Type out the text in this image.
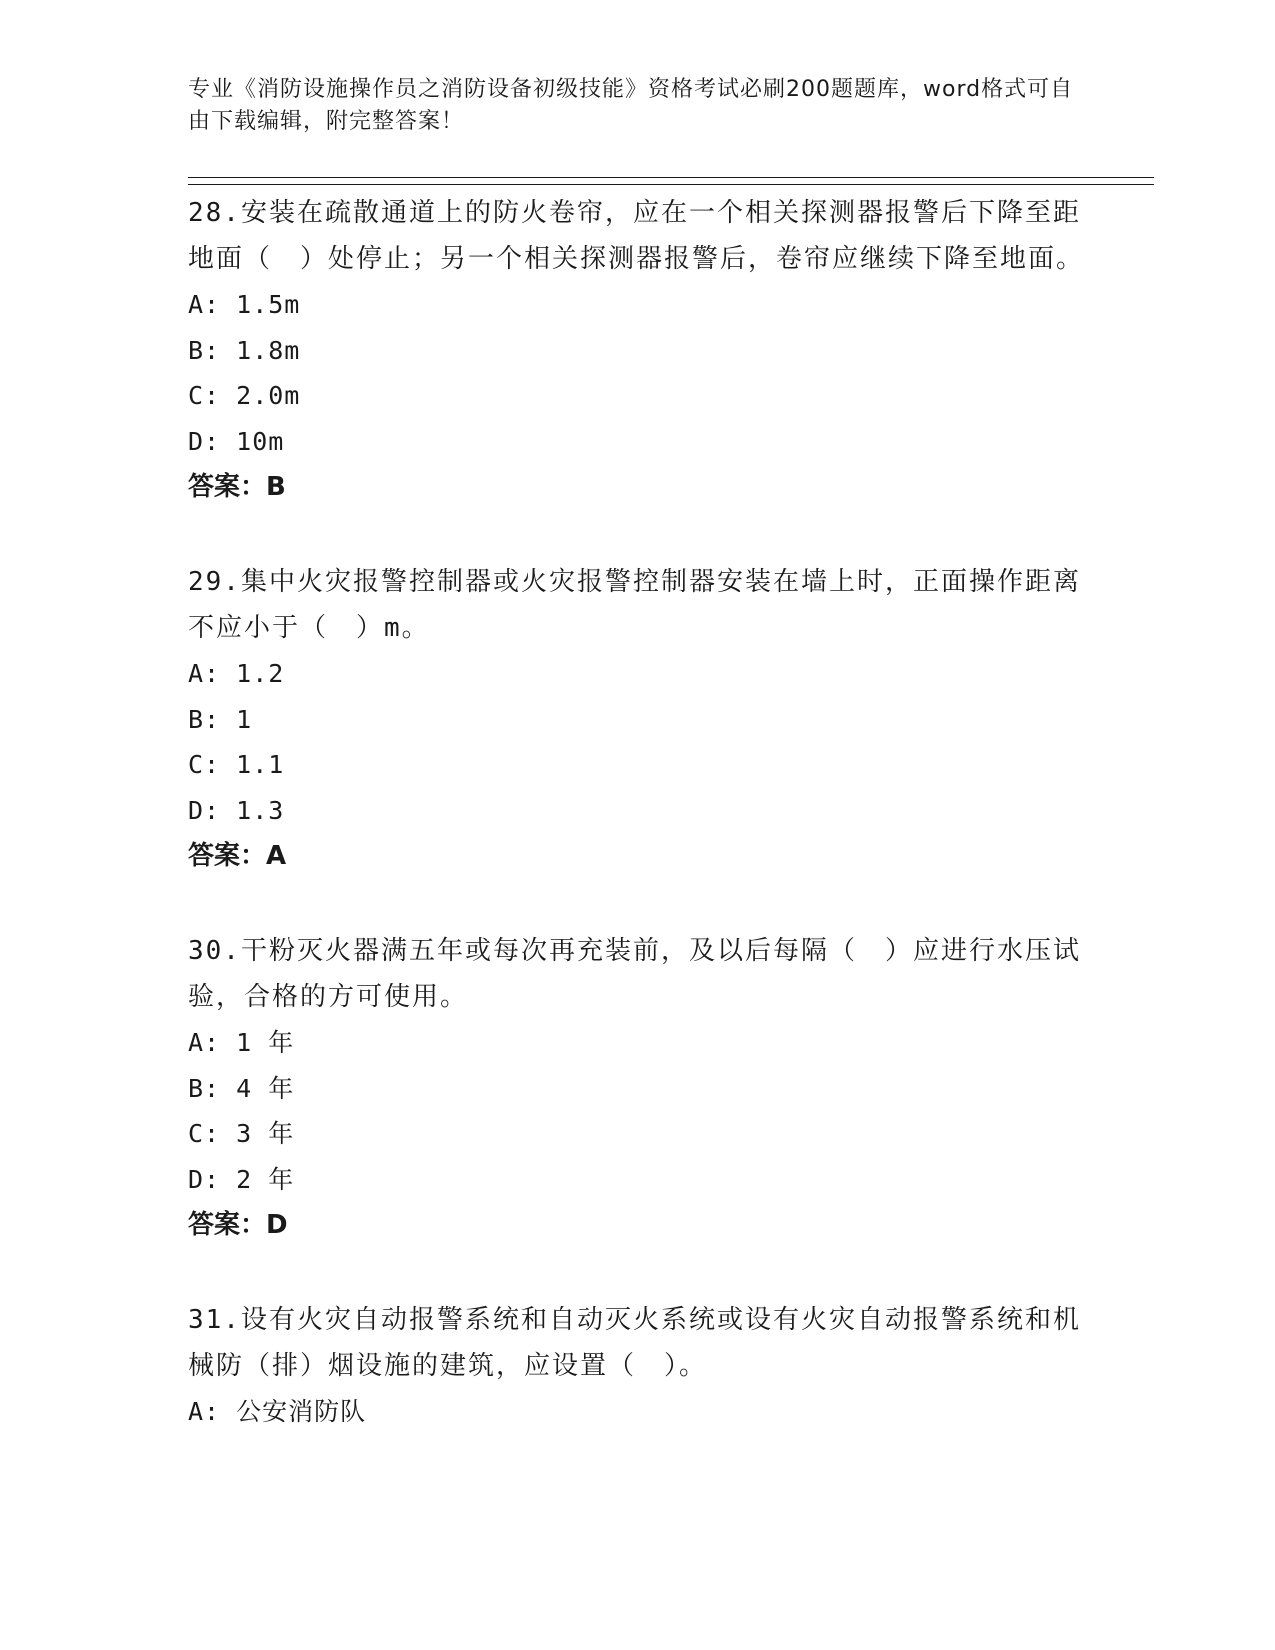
专业《消防设施操作员之消防设备初级技能》资格考试必刷200题题库，word格式可自由下载编辑，附完整答案！

28.安装在疏散通道上的防火卷帘，应在一个相关探测器报警后下降至距地面（　）处停止；另一个相关探测器报警后，卷帘应继续下降至地面。

A: 1.5m

B: 1.8m

C: 2.0m

D: 10m

答案：B

29.集中火灾报警控制器或火灾报警控制器安装在墙上时，正面操作距离不应小于（　）m。

A: 1.2

B: 1

C: 1.1

D: 1.3

答案：A

30.干粉灭火器满五年或每次再充装前，及以后每隔（　）应进行水压试验，合格的方可使用。

A: 1 年

B: 4 年

C: 3 年

D: 2 年

答案：D

31.设有火灾自动报警系统和自动灭火系统或设有火灾自动报警系统和机械防（排）烟设施的建筑，应设置（　）。

A: 公安消防队
